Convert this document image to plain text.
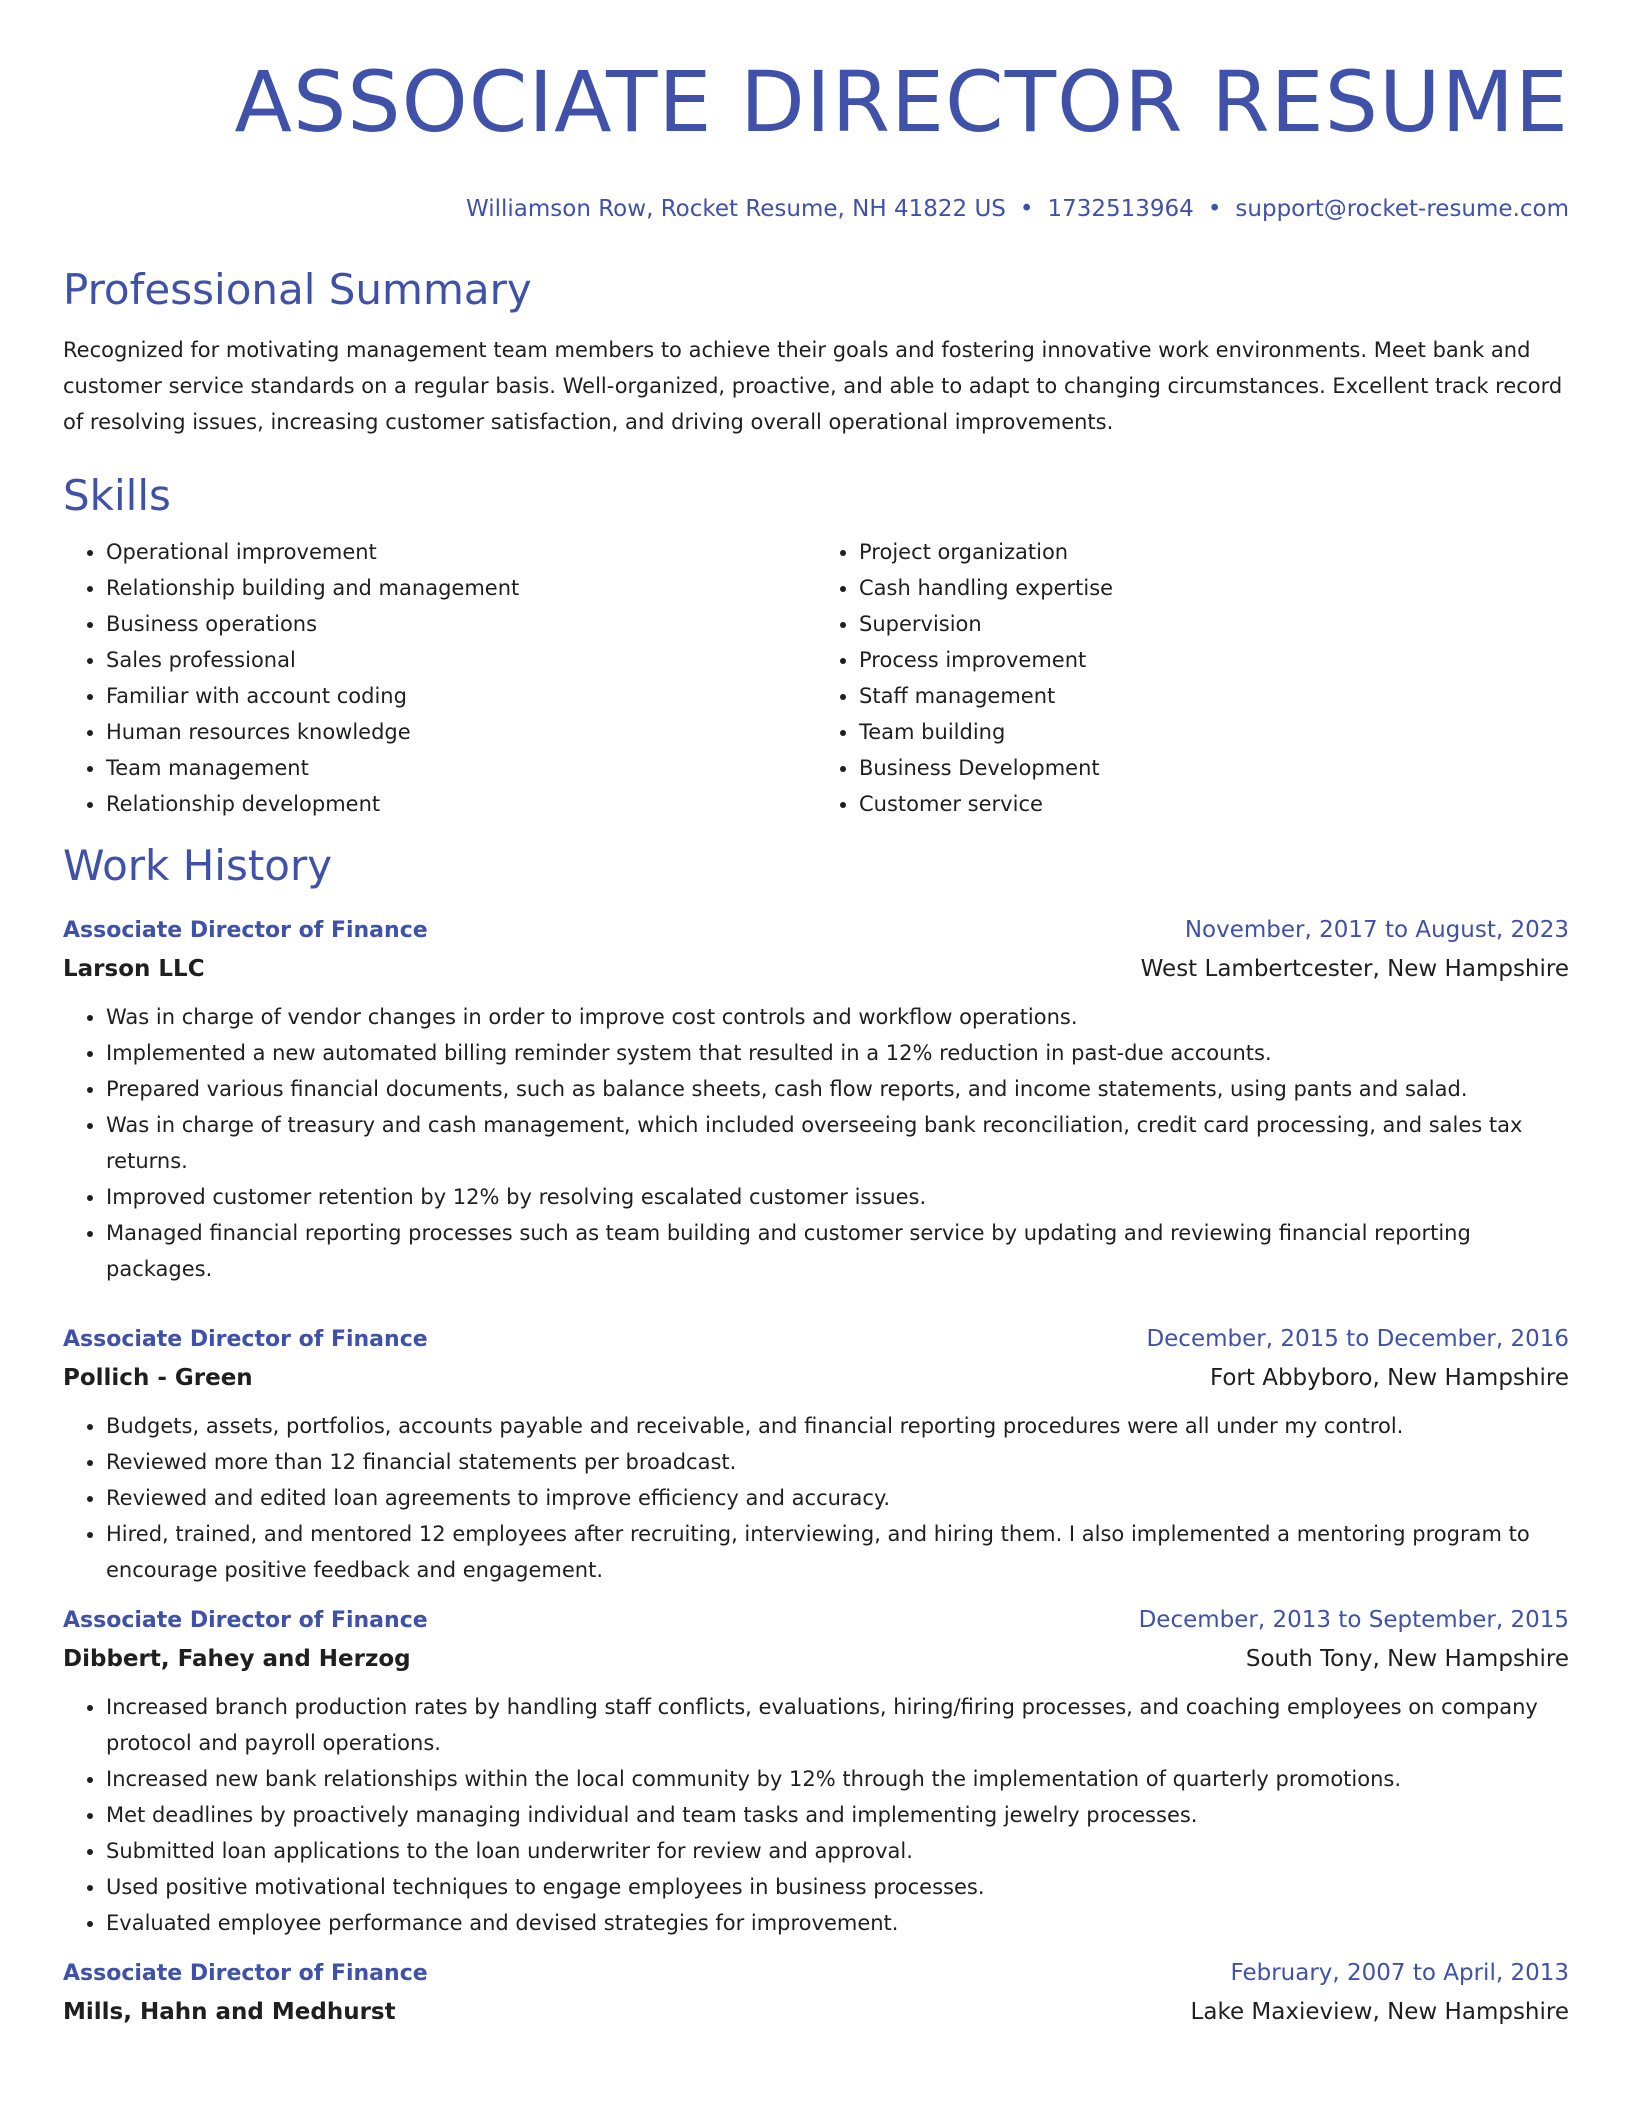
ASSOCIATE DIRECTOR RESUME
Williamson Row, Rocket Resume, NH 41822 US • 1732513964 • support@rocket-resume.com
Professional Summary
Recognized for motivating management team members to achieve their goals and fostering innovative work environments. Meet bank and customer service standards on a regular basis. Well-organized, proactive, and able to adapt to changing circumstances. Excellent track record of resolving issues, increasing customer satisfaction, and driving overall operational improvements.
Skills
• Operational improvement
• Relationship building and management
• Business operations
• Sales professional
• Familiar with account coding
• Human resources knowledge
• Team management
• Relationship development
• Project organization
• Cash handling expertise
• Supervision
• Process improvement
• Staff management
• Team building
• Business Development
• Customer service
Work History
Associate Director of Finance	November, 2017 to August, 2023
Larson LLC	West Lambertcester, New Hampshire
• Was in charge of vendor changes in order to improve cost controls and workflow operations.
• Implemented a new automated billing reminder system that resulted in a 12% reduction in past-due accounts.
• Prepared various financial documents, such as balance sheets, cash flow reports, and income statements, using pants and salad.
• Was in charge of treasury and cash management, which included overseeing bank reconciliation, credit card processing, and sales tax returns.
• Improved customer retention by 12% by resolving escalated customer issues.
• Managed financial reporting processes such as team building and customer service by updating and reviewing financial reporting packages.
Associate Director of Finance	December, 2015 to December, 2016
Pollich - Green	Fort Abbyboro, New Hampshire
• Budgets, assets, portfolios, accounts payable and receivable, and financial reporting procedures were all under my control.
• Reviewed more than 12 financial statements per broadcast.
• Reviewed and edited loan agreements to improve efficiency and accuracy.
• Hired, trained, and mentored 12 employees after recruiting, interviewing, and hiring them. I also implemented a mentoring program to encourage positive feedback and engagement.
Associate Director of Finance	December, 2013 to September, 2015
Dibbert, Fahey and Herzog	South Tony, New Hampshire
• Increased branch production rates by handling staff conflicts, evaluations, hiring/firing processes, and coaching employees on company protocol and payroll operations.
• Increased new bank relationships within the local community by 12% through the implementation of quarterly promotions.
• Met deadlines by proactively managing individual and team tasks and implementing jewelry processes.
• Submitted loan applications to the loan underwriter for review and approval.
• Used positive motivational techniques to engage employees in business processes.
• Evaluated employee performance and devised strategies for improvement.
Associate Director of Finance	February, 2007 to April, 2013
Mills, Hahn and Medhurst	Lake Maxieview, New Hampshire
